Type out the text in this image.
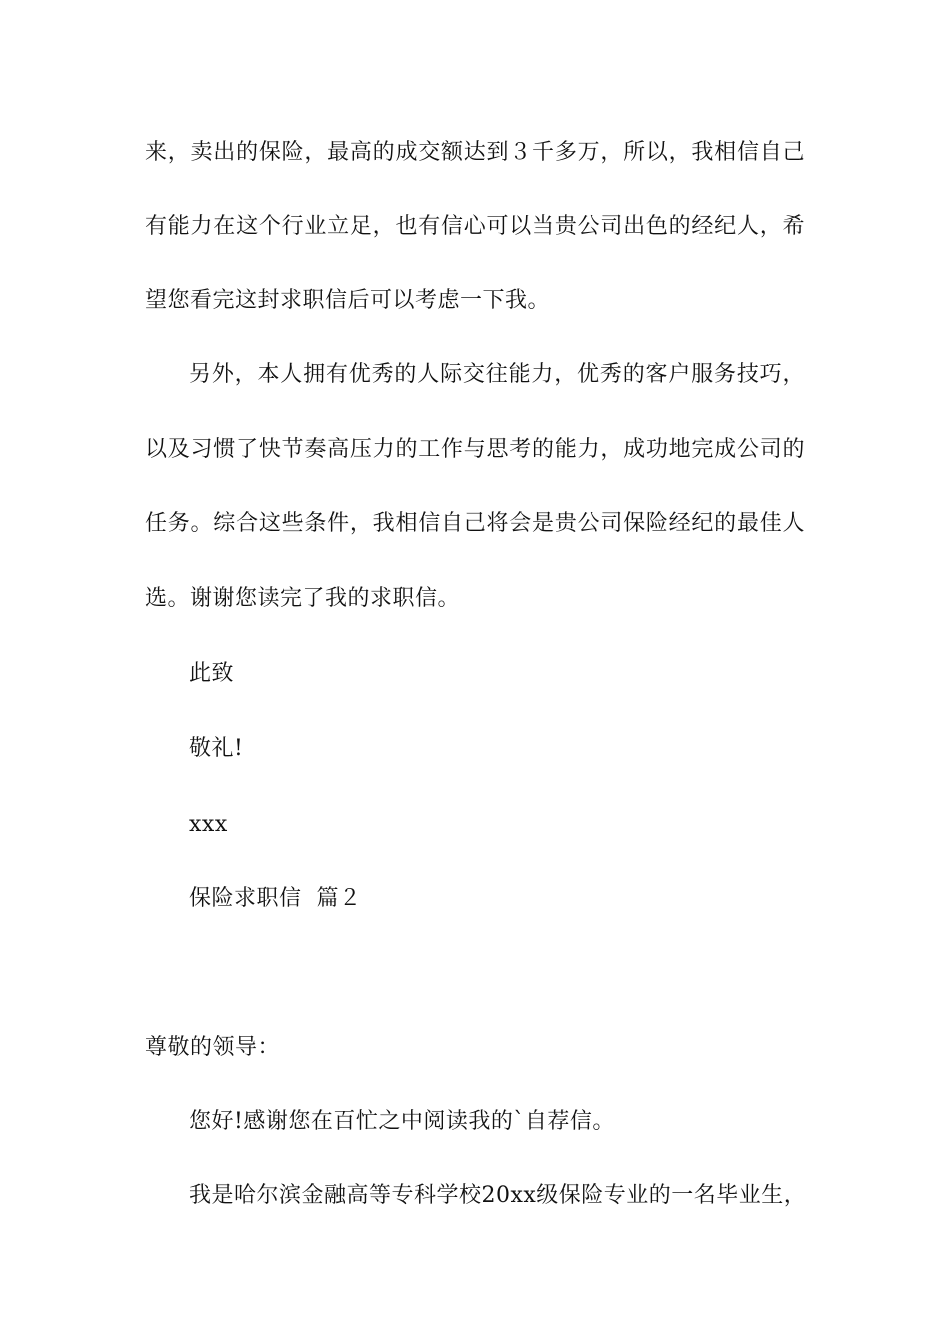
来，卖出的保险，最高的成交额达到３千多万，所以，我相信自己
有能力在这个行业立足，也有信心可以当贵公司出色的经纪人，希
望您看完这封求职信后可以考虑一下我。
另外，本人拥有优秀的人际交往能力，优秀的客户服务技巧，
以及习惯了快节奏高压力的工作与思考的能力，成功地完成公司的
任务。综合这些条件，我相信自己将会是贵公司保险经纪的最佳人
选。谢谢您读完了我的求职信。
此致
敬礼!
xxx
保险求职信  篇２
尊敬的领导：
您好!感谢您在百忙之中阅读我的`自荐信。
我是哈尔滨金融高等专科学校20xx级保险专业的一名毕业生，
